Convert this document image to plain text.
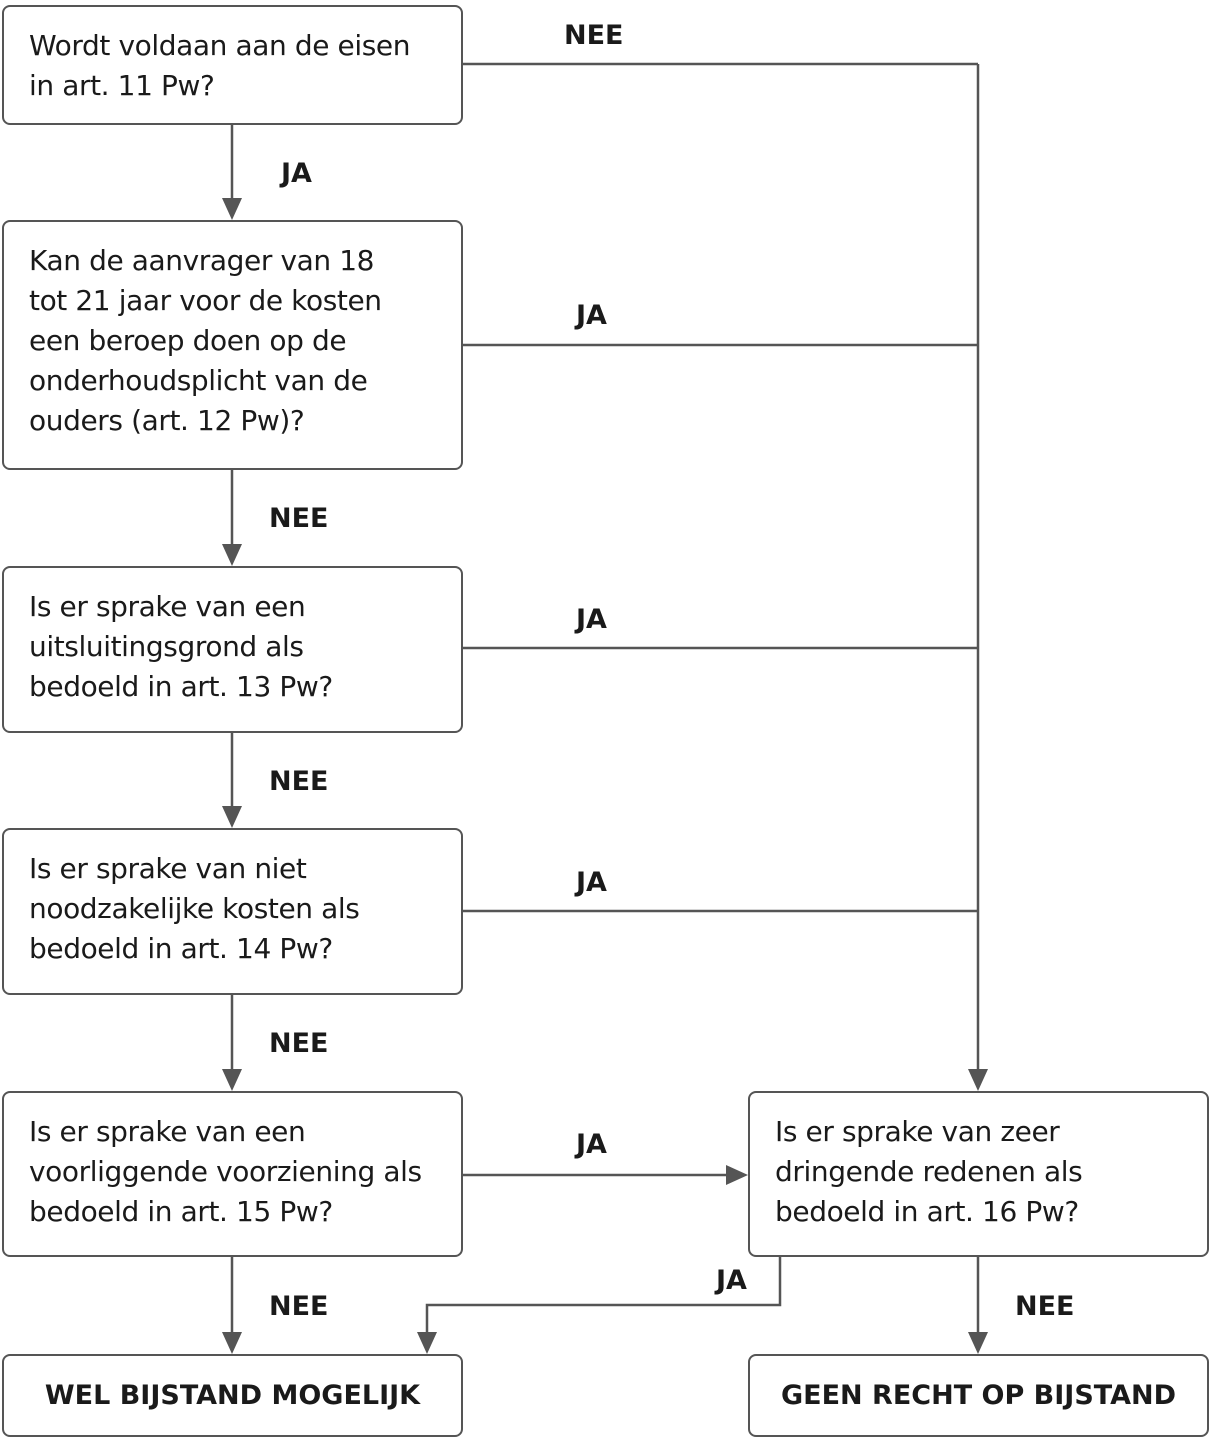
Wordt voldaan aan de eisen
in art. 11 Pw?
Kan de aanvrager van 18
tot 21 jaar voor de kosten
een beroep doen op de
onderhoudsplicht van de
ouders (art. 12 Pw)?
Is er sprake van een
uitsluitingsgrond als
bedoeld in art. 13 Pw?
Is er sprake van niet
noodzakelijke kosten als
bedoeld in art. 14 Pw?
Is er sprake van een
voorliggende voorziening als
bedoeld in art. 15 Pw?
Is er sprake van zeer
dringende redenen als
bedoeld in art. 16 Pw?
WEL BIJSTAND MOGELIJK	GEEN RECHT OP BIJSTAND
NEE
JA
JA
NEE
JA
NEE
JA
NEE
JA
NEE
JA
NEE
